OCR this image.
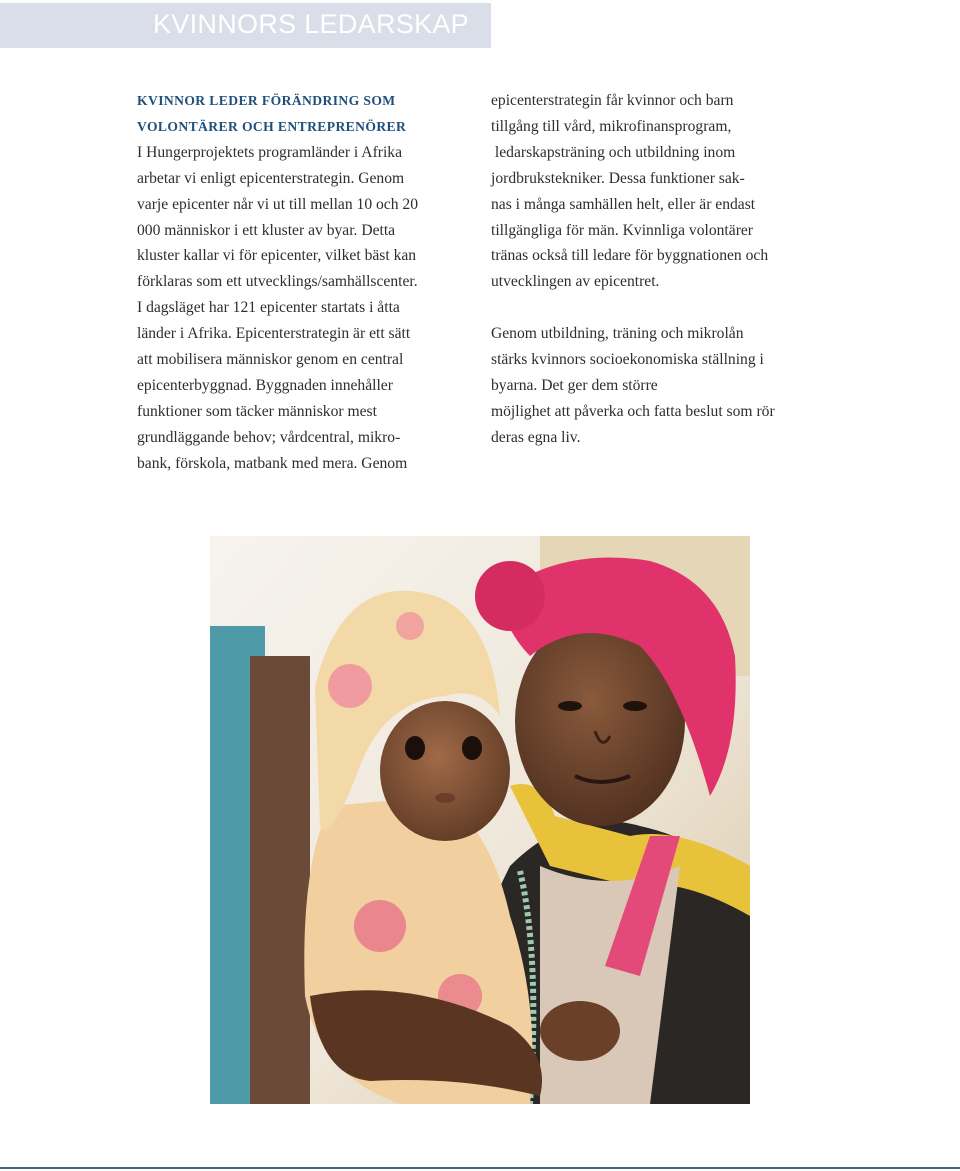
KVINNORS LEDARSKAP
KVINNOR LEDER FÖRÄNDRING SOM
VOLONTÄRER OCH ENTREPRENÖRER
I Hungerprojektets programländer i Afrika
arbetar vi enligt epicenterstrategin. Genom
varje epicenter når vi ut till mellan 10 och 20
000 människor i ett kluster av byar. Detta
kluster kallar vi för epicenter, vilket bäst kan
förklaras som ett utvecklings/samhällscenter.
I dagsläget har 121 epicenter startats i åtta
länder i Afrika. Epicenterstrategin är ett sätt
att mobilisera människor genom en central
epicenterbyggnad. Byggnaden innehåller
funktioner som täcker människor mest
grundläggande behov; vårdcentral, mikro-
bank, förskola, matbank med mera. Genom
epicenterstrategin får kvinnor och barn
tillgång till vård, mikrofinansprogram,
ledarskapsträning och utbildning inom
jordbrukstekniker. Dessa funktioner sak-
nas i många samhällen helt, eller är endast
tillgängliga för män. Kvinnliga volontärer
tränas också till ledare för byggnationen och
utvecklingen av epicentret.
Genom utbildning, träning och mikrolån
stärks kvinnors socioekonomiska ställning i
byarna. Det ger dem större
möjlighet att påverka och fatta beslut som rör
deras egna liv.
